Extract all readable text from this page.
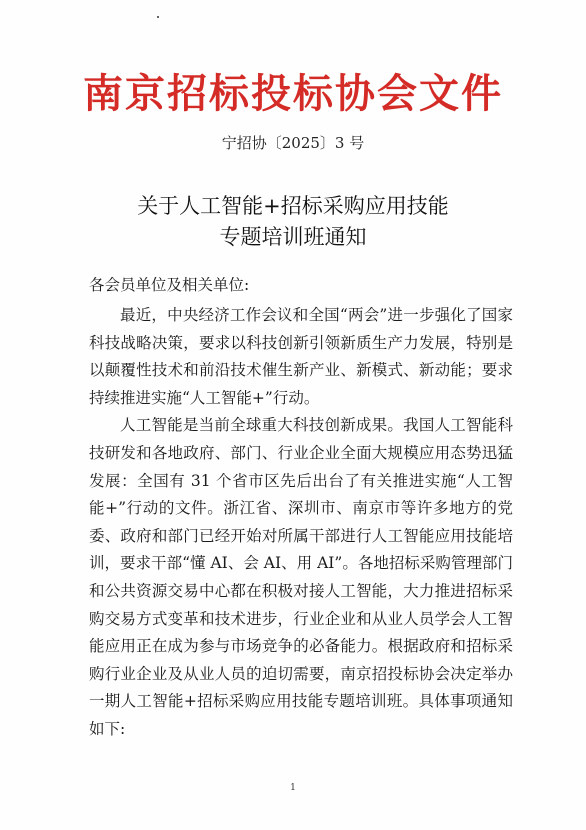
南京招标投标协会文件
宁招协〔2025〕3 号
关于人工智能+招标采购应用技能
专题培训班通知
各会员单位及相关单位:

最近，中央经济工作会议和全国“两会”进一步强化了国家科技战略决策，要求以科技创新引领新质生产力发展，特别是以颠覆性技术和前沿技术催生新产业、新模式、新动能；要求持续推进实施“人工智能+”行动。

人工智能是当前全球重大科技创新成果。我国人工智能科技研发和各地政府、部门、行业企业全面大规模应用态势迅猛发展：全国有 31 个省市区先后出台了有关推进实施“人工智能+”行动的文件。浙江省、深圳市、南京市等许多地方的党委、政府和部门已经开始对所属干部进行人工智能应用技能培训，要求干部“懂 AI、会 AI、用 AI”。各地招标采购管理部门和公共资源交易中心都在积极对接人工智能，大力推进招标采购交易方式变革和技术进步，行业企业和从业人员学会人工智能应用正在成为参与市场竞争的必备能力。根据政府和招标采购行业企业及从业人员的迫切需要，南京招投标协会决定举办一期人工智能+招标采购应用技能专题培训班。具体事项通知如下:

1
